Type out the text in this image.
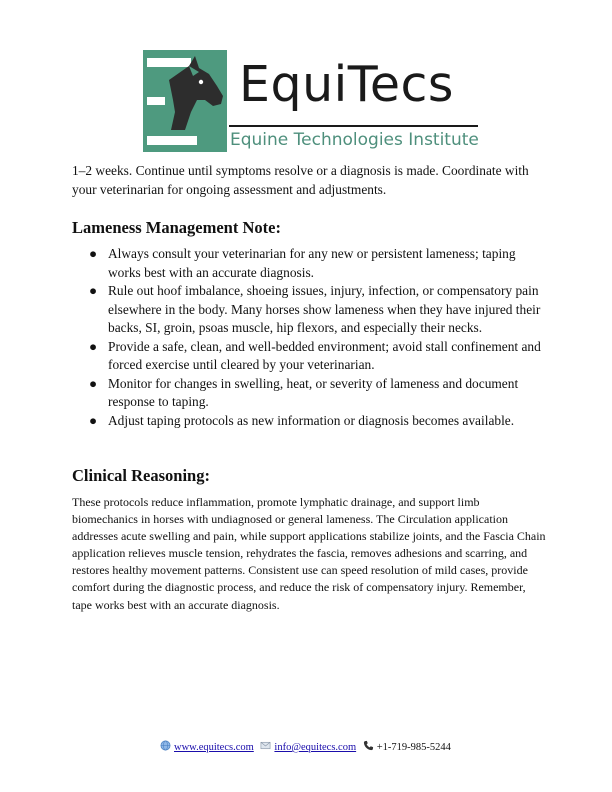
EquiTecs
Equine Technologies Institute

1–2 weeks. Continue until symptoms resolve or a diagnosis is made. Coordinate with your veterinarian for ongoing assessment and adjustments.

Lameness Management Note:
● Always consult your veterinarian for any new or persistent lameness; taping works best with an accurate diagnosis.
● Rule out hoof imbalance, shoeing issues, injury, infection, or compensatory pain elsewhere in the body. Many horses show lameness when they have injured their backs, SI, groin, psoas muscle, hip flexors, and especially their necks.
● Provide a safe, clean, and well-bedded environment; avoid stall confinement and forced exercise until cleared by your veterinarian.
● Monitor for changes in swelling, heat, or severity of lameness and document response to taping.
● Adjust taping protocols as new information or diagnosis becomes available.
Clinical Reasoning:

These protocols reduce inflammation, promote lymphatic drainage, and support limb biomechanics in horses with undiagnosed or general lameness. The Circulation application addresses acute swelling and pain, while support applications stabilize joints, and the Fascia Chain application relieves muscle tension, rehydrates the fascia, removes adhesions and scarring, and restores healthy movement patterns. Consistent use can speed resolution of mild cases, provide comfort during the diagnostic process, and reduce the risk of compensatory injury. Remember, tape works best with an accurate diagnosis.

www.equitecs.com info@equitecs.com +1-719-985-5244
